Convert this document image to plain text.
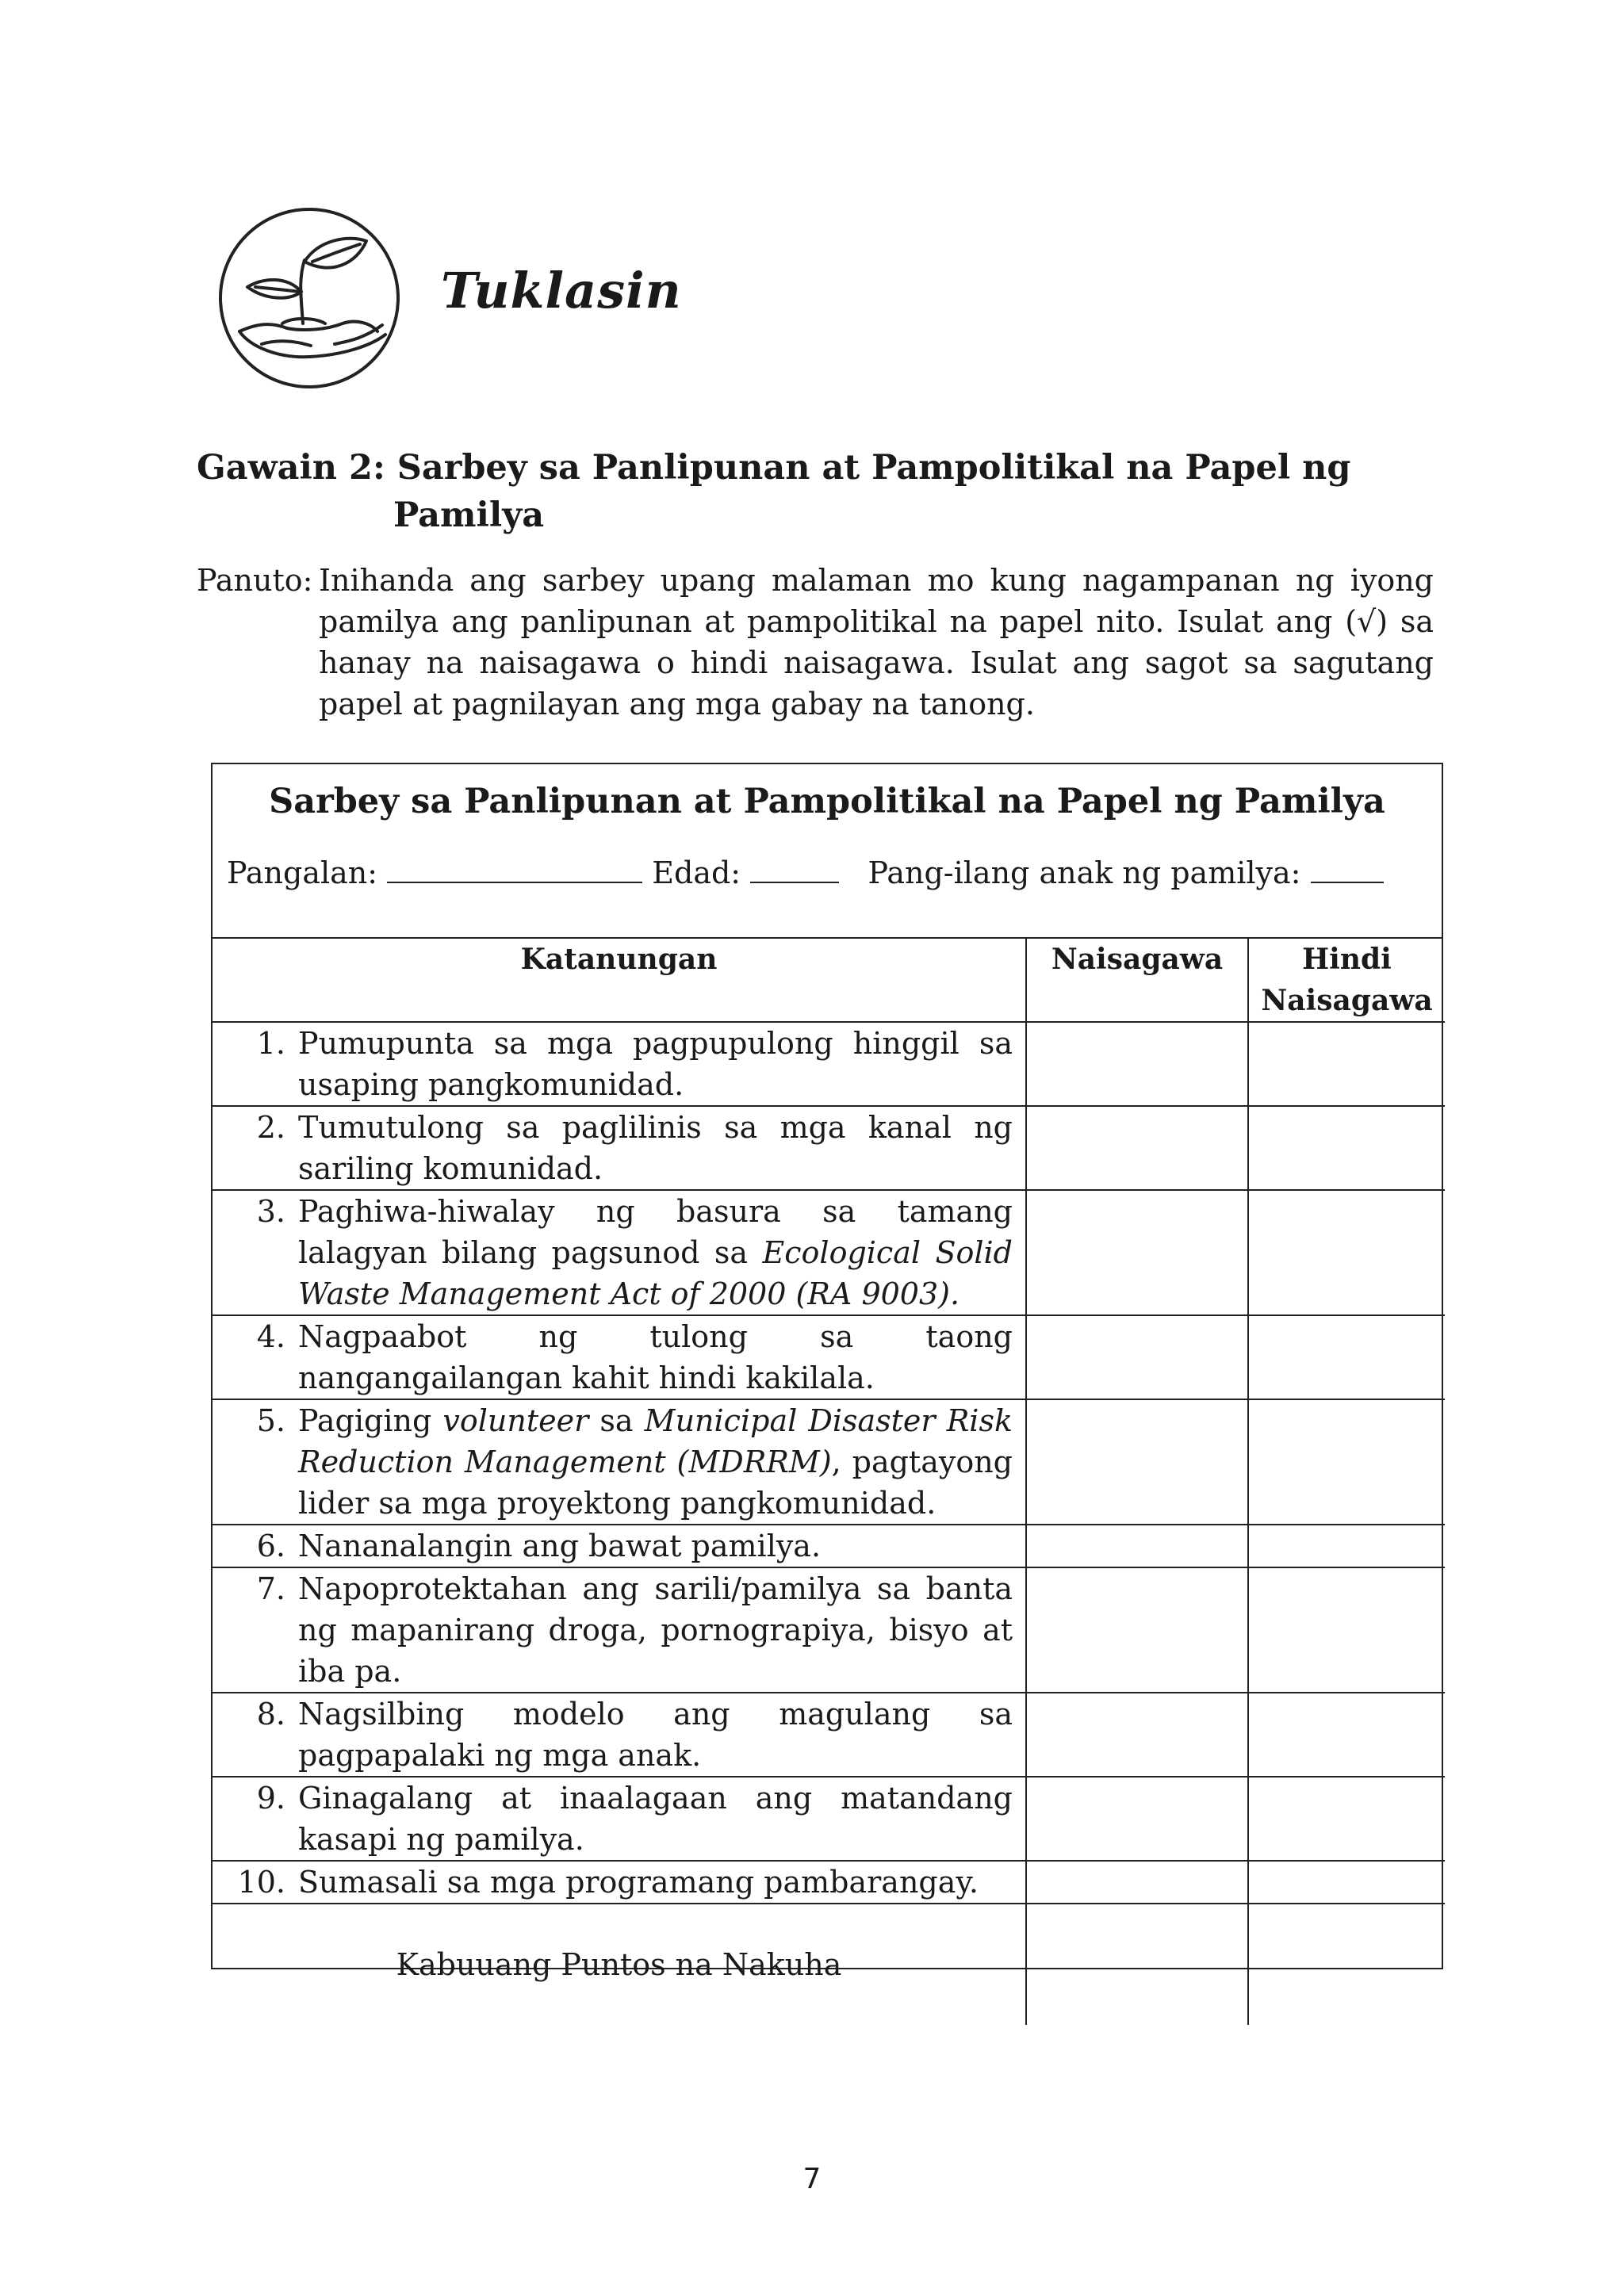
Tuklasin
Gawain 2: Sarbey sa Panlipunan at Pampolitikal na Papel ng
Pamilya
Panuto: Inihanda ang sarbey upang malaman mo kung nagampanan ng iyong pamilya ang panlipunan at pampolitikal na papel nito. Isulat ang (√) sa hanay na naisagawa o hindi naisagawa. Isulat ang sagot sa sagutang papel at pagnilayan ang mga gabay na tanong.
Sarbey sa Panlipunan at Pampolitikal na Papel ng Pamilya
Pangalan:	Edad:	Pang-ilang anak ng pamilya:
Katanungan	Naisagawa	Hindi
Naisagawa

1. Pumupunta sa mga pagpupulong hinggil sa usaping pangkomunidad.		

2. Tumutulong sa paglilinis sa mga kanal ng sariling komunidad.		

3. Paghiwa-hiwalay ng basura sa tamang lalagyan bilang pagsunod sa Ecological Solid Waste Management Act of 2000 (RA 9003).		

4. Nagpaabot ng tulong sa taong nangangailangan kahit hindi kakilala.		

5. Pagiging volunteer sa Municipal Disaster Risk Reduction Management (MDRRM), pagtayong lider sa mga proyektong pangkomunidad.		

6. Nananalangin ang bawat pamilya.		

7. Napoprotektahan ang sarili/pamilya sa banta ng mapanirang droga, pornograpiya, bisyo at iba pa.		

8. Nagsilbing modelo ang magulang sa pagpapalaki ng mga anak.		

9. Ginagalang at inaalagaan ang matandang kasapi ng pamilya.		

10. Sumasali sa mga programang pambarangay.		

Kabuuang Puntos na Nakuha		
7
